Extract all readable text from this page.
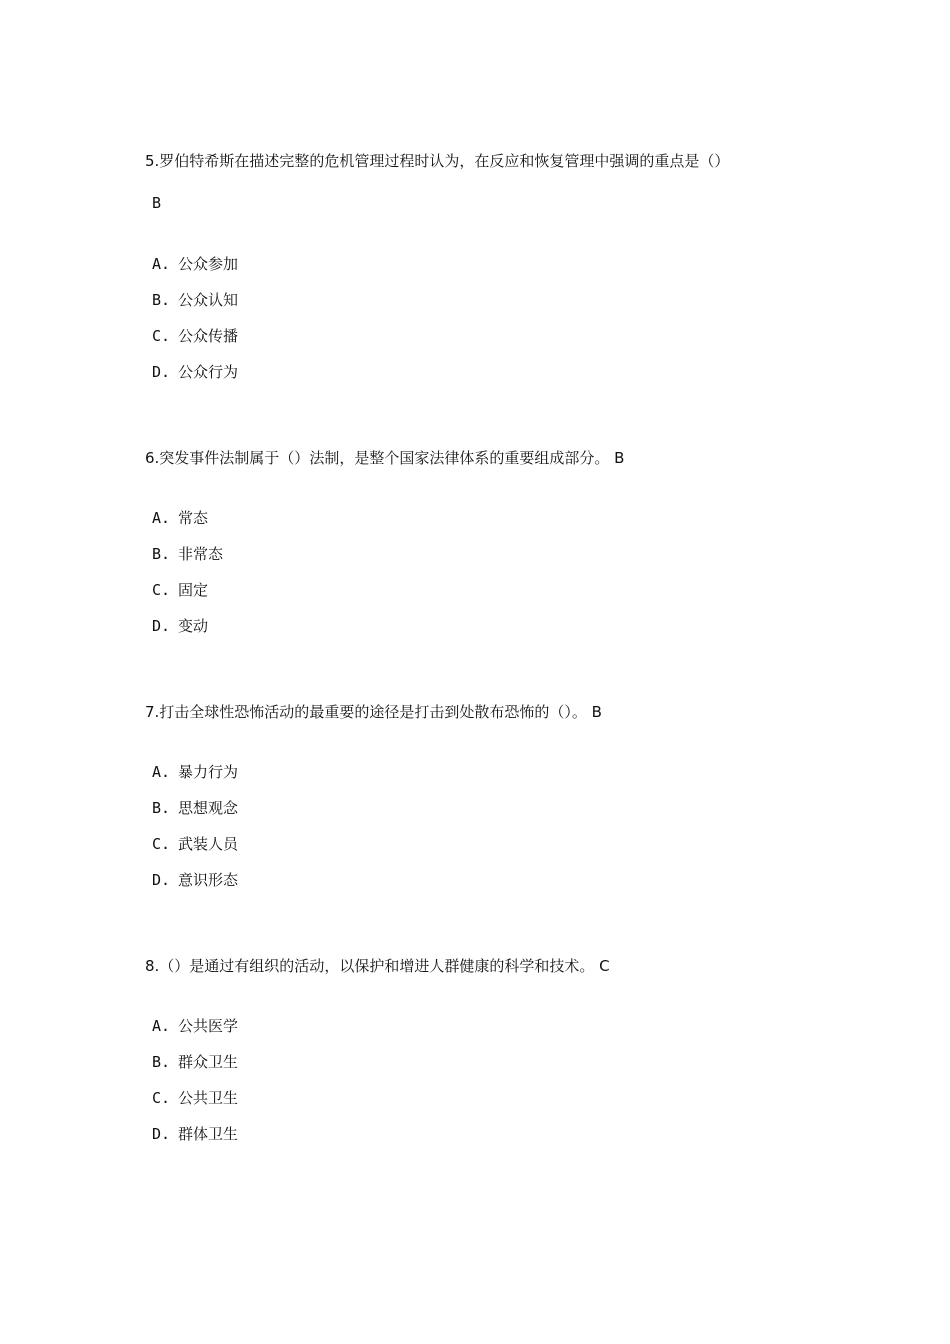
5.罗伯特希斯在描述完整的危机管理过程时认为，在反应和恢复管理中强调的重点是（）
B
A. 公众参加
B. 公众认知
C. 公众传播
D. 公众行为
6.突发事件法制属于（）法制，是整个国家法律体系的重要组成部分。 B
A. 常态
B. 非常态
C. 固定
D. 变动
7.打击全球性恐怖活动的最重要的途径是打击到处散布恐怖的（）。 B
A. 暴力行为
B. 思想观念
C. 武装人员
D. 意识形态
8.（）是通过有组织的活动，以保护和增进人群健康的科学和技术。 C
A. 公共医学
B. 群众卫生
C. 公共卫生
D. 群体卫生
